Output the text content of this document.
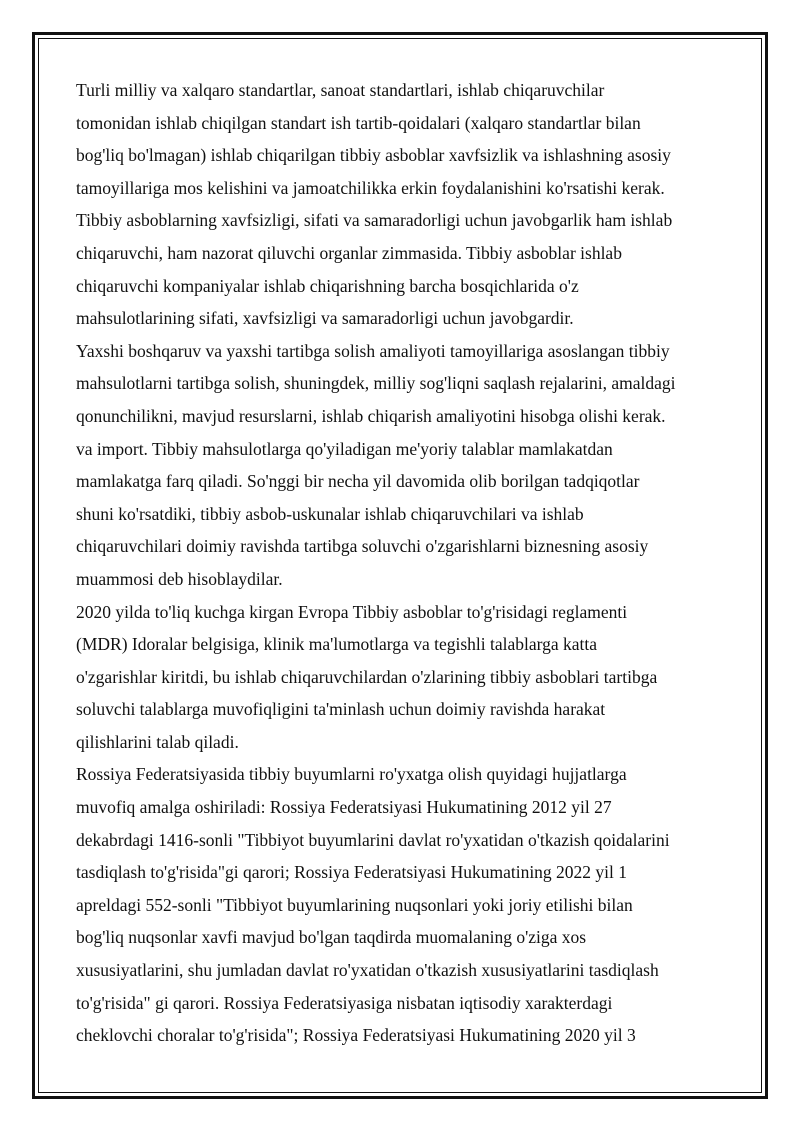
Turli milliy va xalqaro standartlar, sanoat standartlari, ishlab chiqaruvchilar
tomonidan ishlab chiqilgan standart ish tartib-qoidalari (xalqaro standartlar bilan
bog'liq bo'lmagan) ishlab chiqarilgan tibbiy asboblar xavfsizlik va ishlashning asosiy
tamoyillariga mos kelishini va jamoatchilikka erkin foydalanishini ko'rsatishi kerak.
Tibbiy asboblarning xavfsizligi, sifati va samaradorligi uchun javobgarlik ham ishlab
chiqaruvchi, ham nazorat qiluvchi organlar zimmasida. Tibbiy asboblar ishlab
chiqaruvchi kompaniyalar ishlab chiqarishning barcha bosqichlarida o'z
mahsulotlarining sifati, xavfsizligi va samaradorligi uchun javobgardir.
Yaxshi boshqaruv va yaxshi tartibga solish amaliyoti tamoyillariga asoslangan tibbiy
mahsulotlarni tartibga solish, shuningdek, milliy sog'liqni saqlash rejalarini, amaldagi
qonunchilikni, mavjud resurslarni, ishlab chiqarish amaliyotini hisobga olishi kerak.
va import. Tibbiy mahsulotlarga qo'yiladigan me'yoriy talablar mamlakatdan
mamlakatga farq qiladi. So'nggi bir necha yil davomida olib borilgan tadqiqotlar
shuni ko'rsatdiki, tibbiy asbob-uskunalar ishlab chiqaruvchilari va ishlab
chiqaruvchilari doimiy ravishda tartibga soluvchi o'zgarishlarni biznesning asosiy
muammosi deb hisoblaydilar.
2020 yilda to'liq kuchga kirgan Evropa Tibbiy asboblar to'g'risidagi reglamenti
(MDR) Idoralar belgisiga, klinik ma'lumotlarga va tegishli talablarga katta
o'zgarishlar kiritdi, bu ishlab chiqaruvchilardan o'zlarining tibbiy asboblari tartibga
soluvchi talablarga muvofiqligini ta'minlash uchun doimiy ravishda harakat
qilishlarini talab qiladi.
Rossiya Federatsiyasida tibbiy buyumlarni ro'yxatga olish quyidagi hujjatlarga
muvofiq amalga oshiriladi: Rossiya Federatsiyasi Hukumatining 2012 yil 27
dekabrdagi 1416-sonli "Tibbiyot buyumlarini davlat ro'yxatidan o'tkazish qoidalarini
tasdiqlash to'g'risida"gi qarori; Rossiya Federatsiyasi Hukumatining 2022 yil 1
apreldagi 552-sonli "Tibbiyot buyumlarining nuqsonlari yoki joriy etilishi bilan
bog'liq nuqsonlar xavfi mavjud bo'lgan taqdirda muomalaning o'ziga xos
xususiyatlarini, shu jumladan davlat ro'yxatidan o'tkazish xususiyatlarini tasdiqlash
to'g'risida" gi qarori. Rossiya Federatsiyasiga nisbatan iqtisodiy xarakterdagi
cheklovchi choralar to'g'risida"; Rossiya Federatsiyasi Hukumatining 2020 yil 3
